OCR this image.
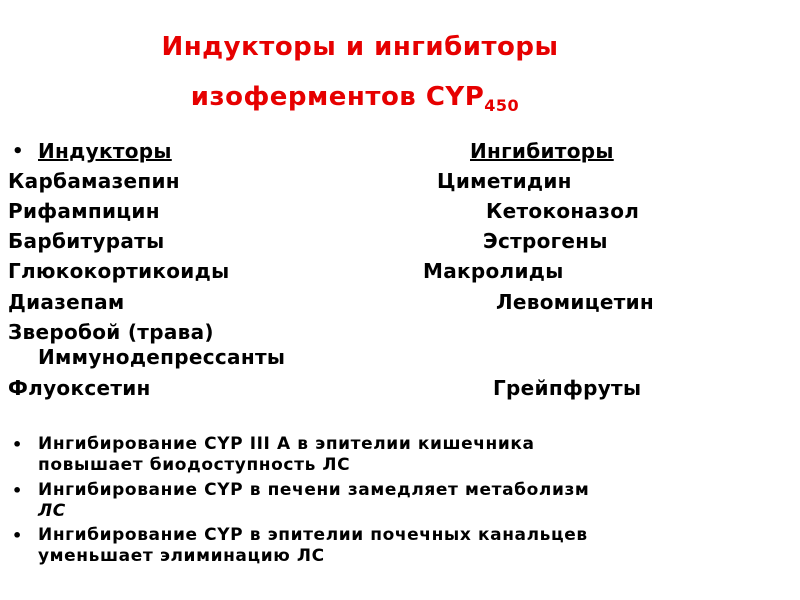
Индукторы и ингибиторы
изоферментов $CYP_{450}$
• Индукторы	Ингибиторы
Карбамазепин	Циметидин
Рифампицин	Кетоконазол
Барбитураты	Эстрогены
Глюкокортикоиды	Макролиды
Диазепам	Левомицетин
Зверобой (трава)
Иммунодепрессанты
Флуоксетин	Грейпфруты
• Ингибирование CYP III A в эпителии кишечника
повышает биодоступность ЛС
• Ингибирование CYP в печени замедляет метаболизм
ЛС
• Ингибирование CYP в эпителии почечных канальцев
уменьшает элиминацию ЛС
